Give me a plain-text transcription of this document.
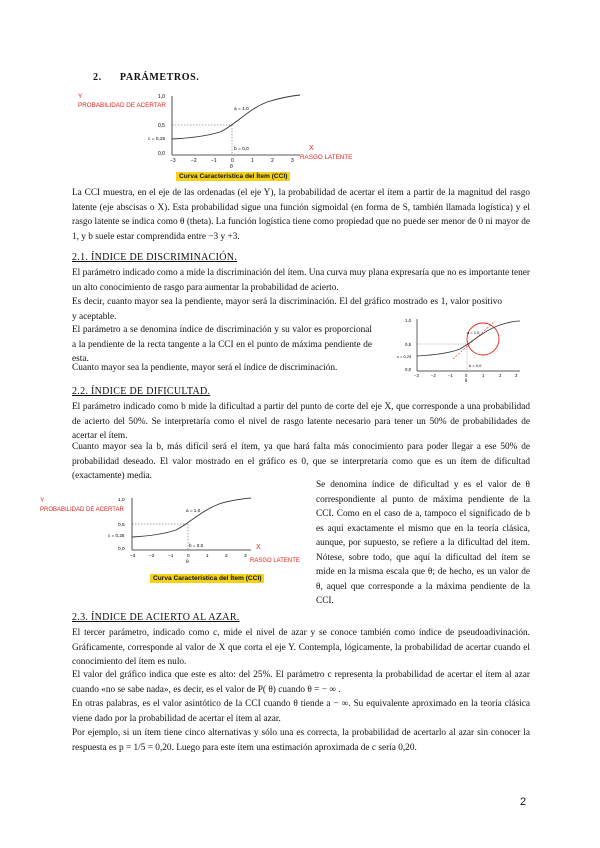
2. PARÁMETROS.
Y
PROBABILIDAD DE ACERTAR
1,0
0,5
0,0
c = 0,25
a = 1,0
b = 0,0
−3	−2	−1	0	1	2	3
θ
X
RASGO LATENTE
Curva Característica del Ítem (CCI)

La CCI muestra, en el eje de las ordenadas (el eje Y), la probabilidad de acertar el ítem a partir de la magnitud del rasgo latente (eje abscisas o X). Esta probabilidad sigue una función sigmoidal (en forma de S, también llamada logística) y el rasgo latente se indica como θ (theta). La función logística tiene como propiedad que no puede ser menor de 0 ni mayor de 1, y b suele estar comprendida entre −3 y +3.

2.1. ÍNDICE DE DISCRIMINACIÓN.

El parámetro indicado como a mide la discriminación del ítem. Una curva muy plana expresaría que no es importante tener un alto conocimiento de rasgo para aumentar la probabilidad de acierto.

Es decir, cuanto mayor sea la pendiente, mayor será la discriminación. El del gráfico mostrado es 1, valor positivo y aceptable.

El parámetro a se denomina índice de discriminación y su valor es proporcional a la pendiente de la recta tangente a la CCI en el punto de máxima pendiente de esta.

Cuanto mayor sea la pendiente, mayor será el índice de discriminación.

1,0
0,5
0,0
c = 0,25
a = 1,0
b = 0,0
−3	−2	−1	0	1	2	3
θ
2.2. ÍNDICE DE DIFICULTAD.

El parámetro indicado como b mide la dificultad a partir del punto de corte del eje X, que corresponde a una probabilidad de acierto del 50%. Se interpretaría como el nivel de rasgo latente necesario para tener un 50% de probabilidades de acertar el ítem.

Cuanto mayor sea la b, más difícil será el ítem, ya que hará falta más conocimiento para poder llegar a ese 50% de probabilidad deseado. El valor mostrado en el gráfico es 0, que se interpretaría como que es un ítem de dificultad (exactamente) media.

Y
PROBABILIDAD DE ACERTAR
1,0
0,5
0,0
c = 0,25
a = 1,0
b = 0,0
−3	−2	−1	0	1	2	3
θ
X
RASGO LATENTE
Curva Característica del Ítem (CCI)

Se denomina índice de dificultad y es el valor de θ correspondiente al punto de máxima pendiente de la CCI. Como en el caso de a, tampoco el significado de b es aquí exactamente el mismo que en la teoría clásica, aunque, por supuesto, se refiere a la dificultad del ítem. Nótese, sobre todo, que aquí la dificultad del ítem se mide en la misma escala que θ; de hecho, es un valor de θ, aquel que corresponde a la máxima pendiente de la CCI.

2.3. ÍNDICE DE ACIERTO AL AZAR.

El tercer parámetro, indicado como c, mide el nivel de azar y se conoce también como índice de pseudoadivinación. Gráficamente, corresponde al valor de X que corta el eje Y. Contempla, lógicamente, la probabilidad de acertar cuando el conocimiento del ítem es nulo.

El valor del gráfico indica que este es alto: del 25%. El parámetro c representa la probabilidad de acertar el ítem al azar cuando «no se sabe nada», es decir, es el valor de P( θ) cuando θ = − ∞ .

En otras palabras, es el valor asintótico de la CCI cuando θ tiende a − ∞. Su equivalente aproximado en la teoría clásica viene dado por la probabilidad de acertar el ítem al azar.

Por ejemplo, si un ítem tiene cinco alternativas y sólo una es correcta, la probabilidad de acertarlo al azar sin conocer la respuesta es p = 1/5 = 0,20. Luego para este ítem una estimación aproximada de c sería 0,20.

2
